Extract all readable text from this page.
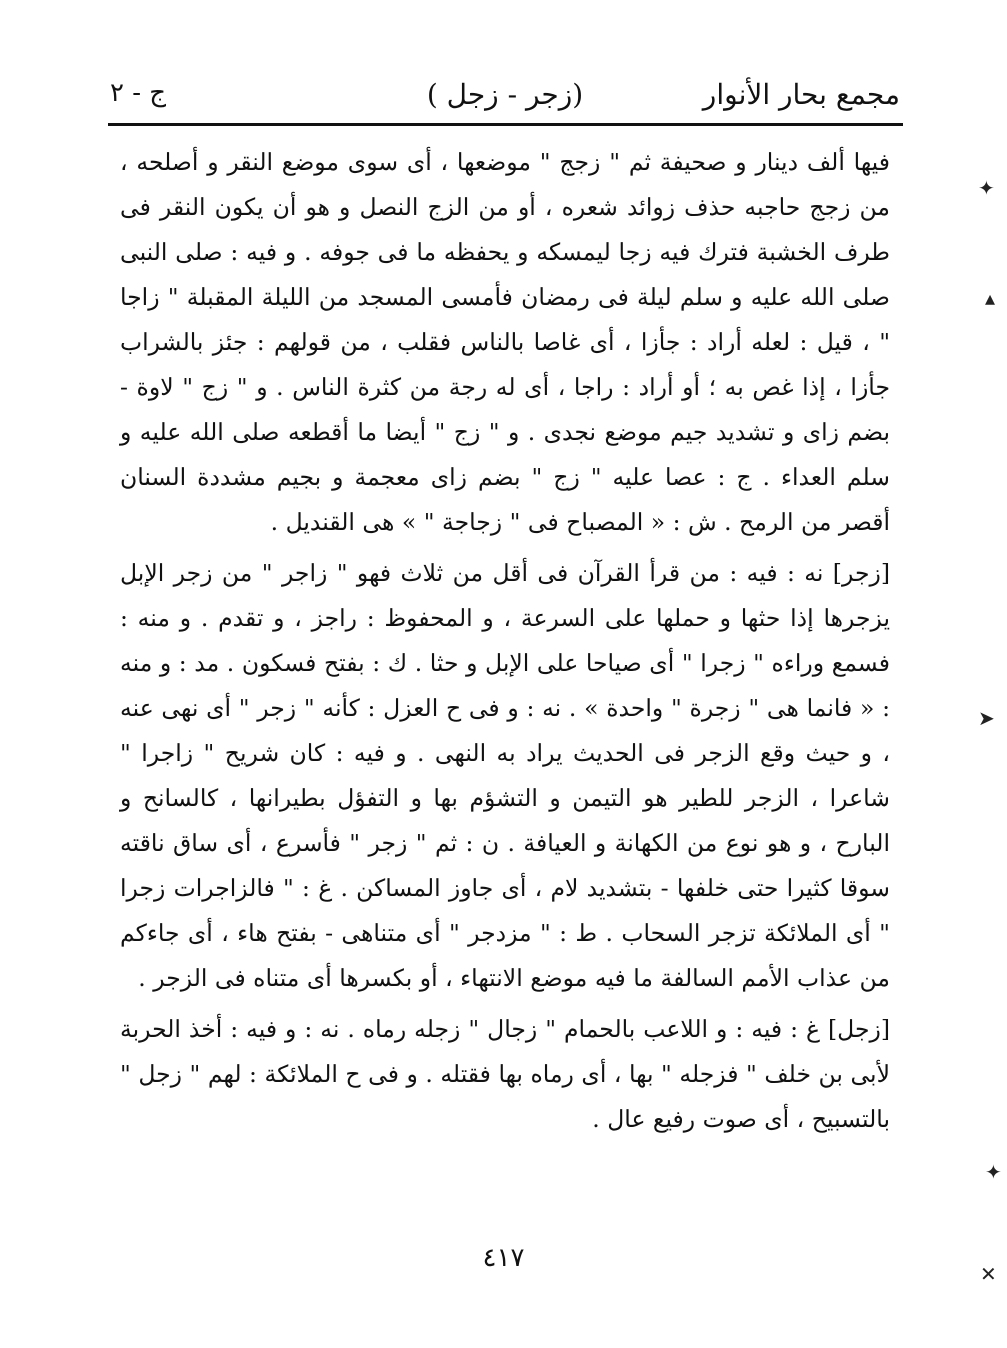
مجمع بحار الأنوار
(زجر - زجل )
ج - ٢

فيها ألف دينار و صحيفة ثم " زجج " موضعها ، أى سوى موضع النقر و أصلحه ، من زجج حاجبه حذف زوائد شعره ، أو من الزج النصل و هو أن يكون النقر فى طرف الخشبة فترك فيه زجا ليمسكه و يحفظه ما فى جوفه . و فيه : صلى النبى صلى الله عليه و سلم ليلة فى رمضان فأمسى المسجد من الليلة المقبلة " زاجا " ، قيل : لعله أراد : جأزا ، أى غاصا بالناس فقلب ، من قولهم : جئز بالشراب جأزا ، إذا غص به ؛ أو أراد : راجا ، أى له رجة من كثرة الناس . و " زج " لاوة - بضم زاى و تشديد جيم موضع نجدى . و " زج " أيضا ما أقطعه صلى الله عليه و سلم العداء . ج : عصا عليه " زج " بضم زاى معجمة و بجيم مشددة السنان أقصر من الرمح . ش : « المصباح فى " زجاجة " » هى القنديل .

[زجر] نه : فيه : من قرأ القرآن فى أقل من ثلاث فهو " زاجر " من زجر الإبل يزجرها إذا حثها و حملها على السرعة ، و المحفوظ : راجز ، و تقدم . و منه : فسمع وراءه " زجرا " أى صياحا على الإبل و حثا . ك : بفتح فسكون . مد : و منه : « فانما هى " زجرة " واحدة » . نه : و فى ح العزل : كأنه " زجر " أى نهى عنه ، و حيث وقع الزجر فى الحديث يراد به النهى . و فيه : كان شريح " زاجرا " شاعرا ، الزجر للطير هو التيمن و التشؤم بها و التفؤل بطيرانها ، كالسانح و البارح ، و هو نوع من الكهانة و العيافة . ن : ثم " زجر " فأسرع ، أى ساق ناقته سوقا كثيرا حتى خلفها - بتشديد لام ، أى جاوز المساكن . غ : " فالزاجرات زجرا " أى الملائكة تزجر السحاب . ط : " مزدجر " أى متناهى - بفتح هاء ، أى جاءكم من عذاب الأمم السالفة ما فيه موضع الانتهاء ، أو بكسرها أى متناه فى الزجر .

[زجل] غ : فيه : و اللاعب بالحمام " زجال " زجله رماه . نه : و فيه : أخذ الحربة لأبى بن خلف " فزجله " بها ، أى رماه بها فقتله . و فى ح الملائكة : لهم " زجل " بالتسبيح ، أى صوت رفيع عال .

٤١٧
✦
▴
➤
✦
✕
